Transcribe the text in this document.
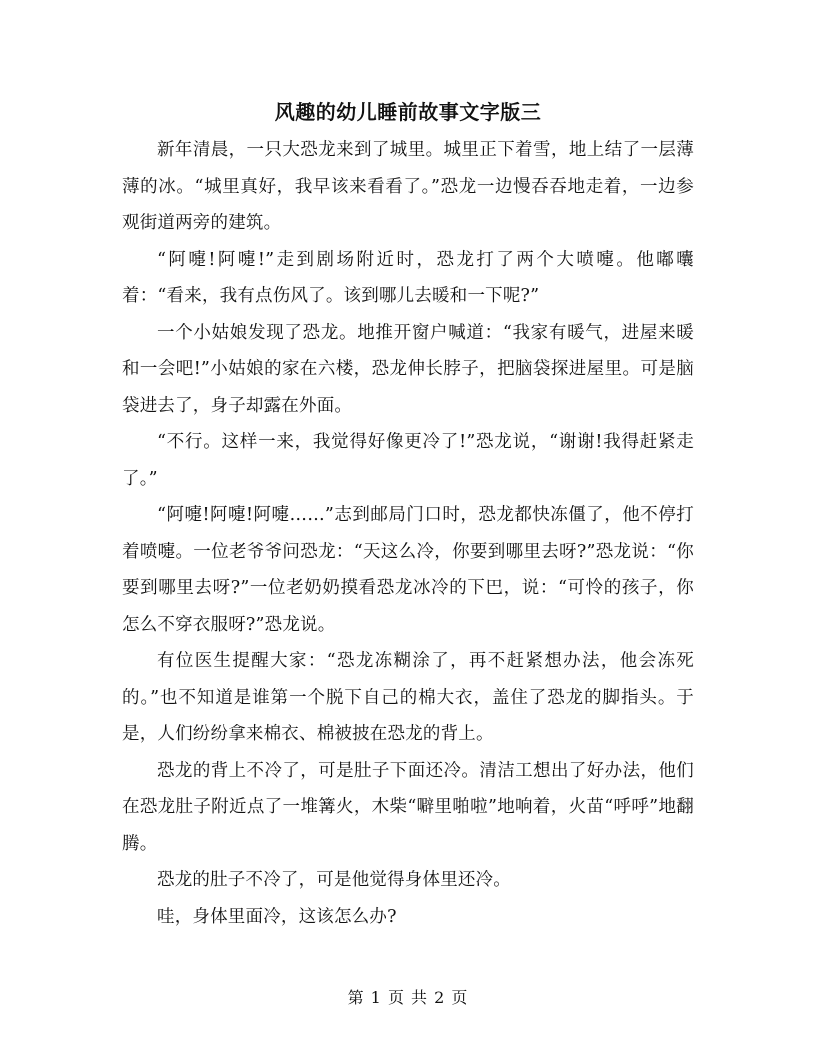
风趣的幼儿睡前故事文字版三

新年清晨，一只大恐龙来到了城里。城里正下着雪，地上结了一层薄薄的冰。“城里真好，我早该来看看了。”恐龙一边慢吞吞地走着，一边参观街道两旁的建筑。

“阿嚏!阿嚏!”走到剧场附近时，恐龙打了两个大喷嚏。他嘟囔着：“看来，我有点伤风了。该到哪儿去暖和一下呢?”

一个小姑娘发现了恐龙。地推开窗户喊道：“我家有暖气，进屋来暖和一会吧!”小姑娘的家在六楼，恐龙伸长脖子，把脑袋探进屋里。可是脑袋进去了，身子却露在外面。

“不行。这样一来，我觉得好像更冷了!”恐龙说，“谢谢!我得赶紧走了。”

“阿嚏!阿嚏!阿嚏……”志到邮局门口时，恐龙都快冻僵了，他不停打着喷嚏。一位老爷爷问恐龙：“天这么冷，你要到哪里去呀?”恐龙说：“你要到哪里去呀?”一位老奶奶摸看恐龙冰冷的下巴，说：“可怜的孩子，你怎么不穿衣服呀?”恐龙说。

有位医生提醒大家：“恐龙冻糊涂了，再不赶紧想办法，他会冻死的。”也不知道是谁第一个脱下自己的棉大衣，盖住了恐龙的脚指头。于是，人们纷纷拿来棉衣、棉被披在恐龙的背上。

恐龙的背上不冷了，可是肚子下面还冷。清洁工想出了好办法，他们在恐龙肚子附近点了一堆篝火，木柴“噼里啪啦”地响着，火苗“呼呼”地翻腾。

恐龙的肚子不冷了，可是他觉得身体里还冷。

哇，身体里面冷，这该怎么办?

第 1 页 共 2 页
